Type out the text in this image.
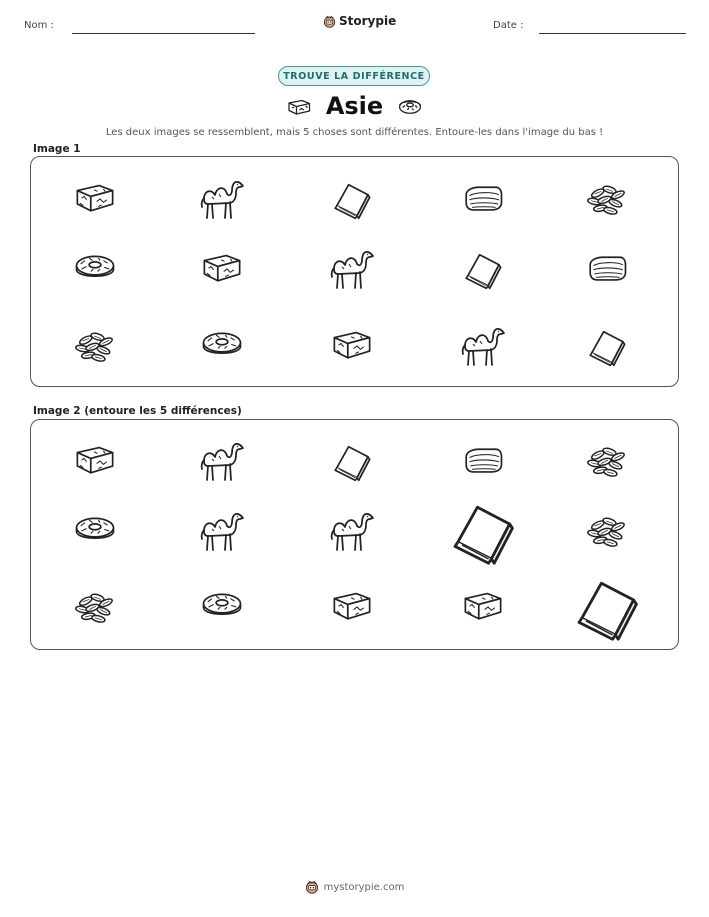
Nom :	Storypie	Date :
TROUVE LA DIFFÉRENCE
Asie
Les deux images se ressemblent, mais 5 choses sont différentes. Entoure-les dans l'image du bas !
Image 1
Image 2 (entoure les 5 différences)
mystorypie.com
